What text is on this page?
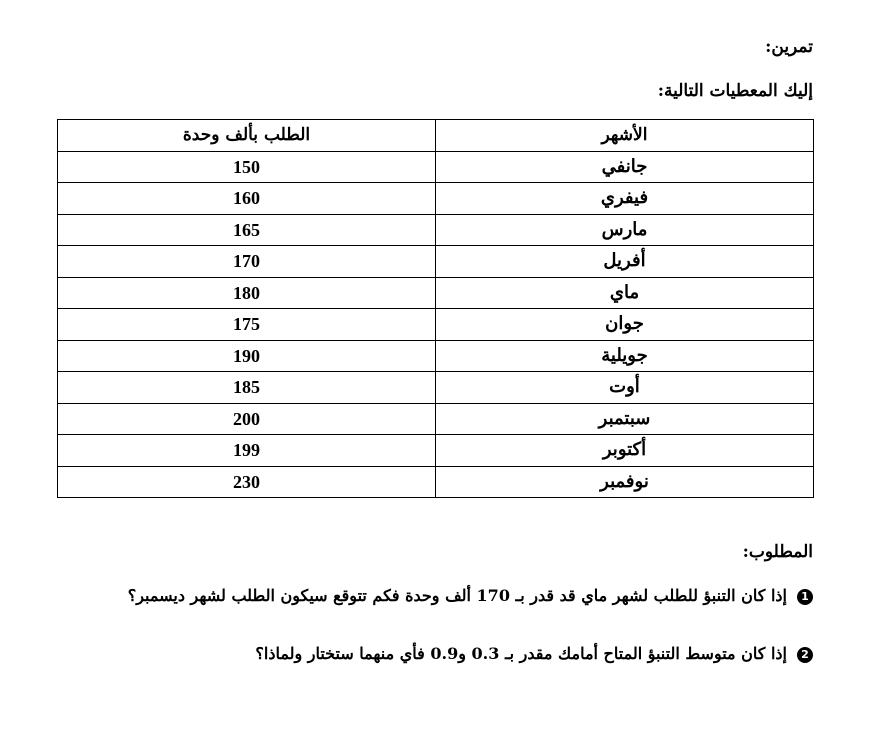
تمرين:
إليك المعطيات التالية:
الأشهر	الطلب بألف وحدة
جانفي	150
فيفري	160
مارس	165
أفريل	170
ماي	180
جوان	175
جويلية	190
أوت	185
سبتمبر	200
أكتوبر	199
نوفمبر	230
المطلوب:
1إذا كان التنبؤ للطلب لشهر ماي قد قدر بـ 170 ألف وحدة فكم تتوقع سيكون الطلب لشهر ديسمبر؟
2إذا كان متوسط التنبؤ المتاح أمامك مقدر بـ 0.3 و0.9 فأي منهما ستختار ولماذا؟
